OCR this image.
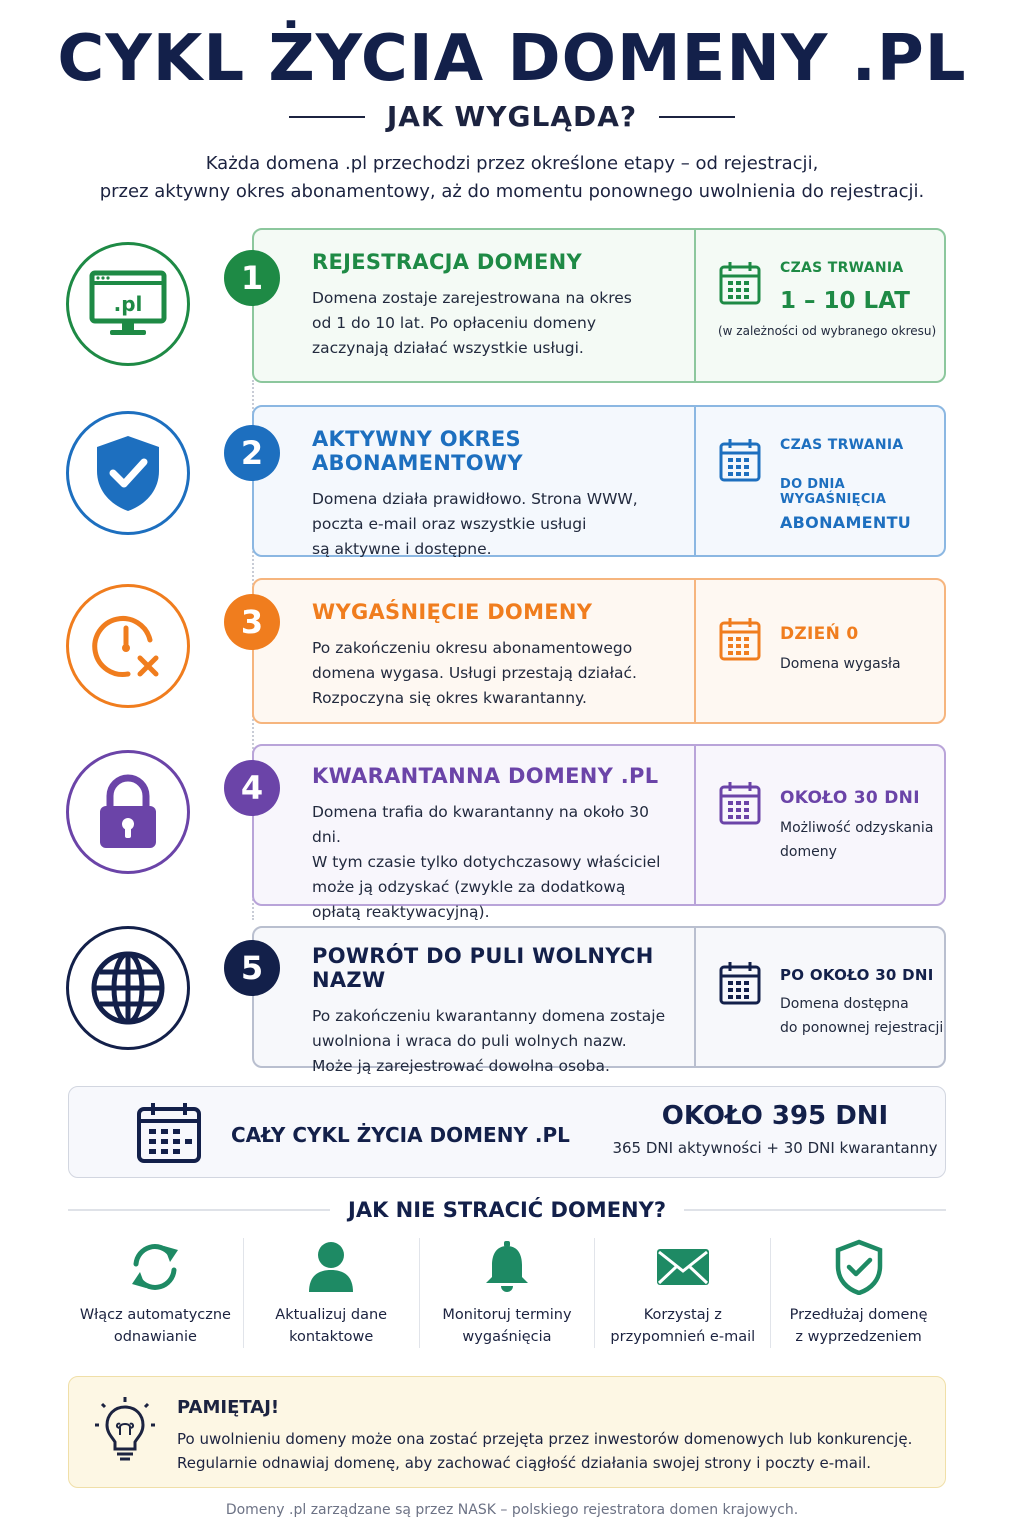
CYKL ŻYCIA DOMENY .PL
JAK WYGLĄDA?
Każda domena .pl przechodzi przez określone etapy – od rejestracji,
przez aktywny okres abonamentowy, aż do momentu ponownego uwolnienia do rejestracji.
.pl
1	REJESTRACJA DOMENY

Domena zostaje zarejestrowana na okres

od 1 do 10 lat. Po opłaceniu domeny

zaczynają działać wszystkie usługi.

CZAS TRWANIA
1 – 10 LAT
(w zależności od wybranego okresu)
2	AKTYWNY OKRES ABONAMENTOWY

Domena działa prawidłowo. Strona WWW,

poczta e-mail oraz wszystkie usługi

są aktywne i dostępne.

CZAS TRWANIA
DO DNIA WYGAŚNIĘCIA
ABONAMENTU
3	WYGAŚNIĘCIE DOMENY

Po zakończeniu okresu abonamentowego

domena wygasa. Usługi przestają działać.

Rozpoczyna się okres kwarantanny.

DZIEŃ 0
Domena wygasła
4	KWARANTANNA DOMENY .PL

Domena trafia do kwarantanny na około 30 dni.

W tym czasie tylko dotychczasowy właściciel

może ją odzyskać (zwykle za dodatkową

opłatą reaktywacyjną).

OKOŁO 30 DNI
Możliwość odzyskania
domeny
5	POWRÓT DO PULI WOLNYCH NAZW

Po zakończeniu kwarantanny domena zostaje

uwolniona i wraca do puli wolnych nazw.

Może ją zarejestrować dowolna osoba.

PO OKOŁO 30 DNI
Domena dostępna
do ponownej rejestracji
CAŁY CYKL ŻYCIA DOMENY .PL
OKOŁO 395 DNI
365 DNI aktywności + 30 DNI kwarantanny
JAK NIE STRACIĆ DOMENY?
Włącz automatyczne
odnawianie
Aktualizuj dane
kontaktowe
Monitoruj terminy
wygaśnięcia
Korzystaj z
przypomnień e-mail
Przedłużaj domenę
z wyprzedzeniem
PAMIĘTAJ!
Po uwolnieniu domeny może ona zostać przejęta przez inwestorów domenowych lub konkurencję.
Regularnie odnawiaj domenę, aby zachować ciągłość działania swojej strony i poczty e-mail.
Domeny .pl zarządzane są przez NASK – polskiego rejestratora domen krajowych.
